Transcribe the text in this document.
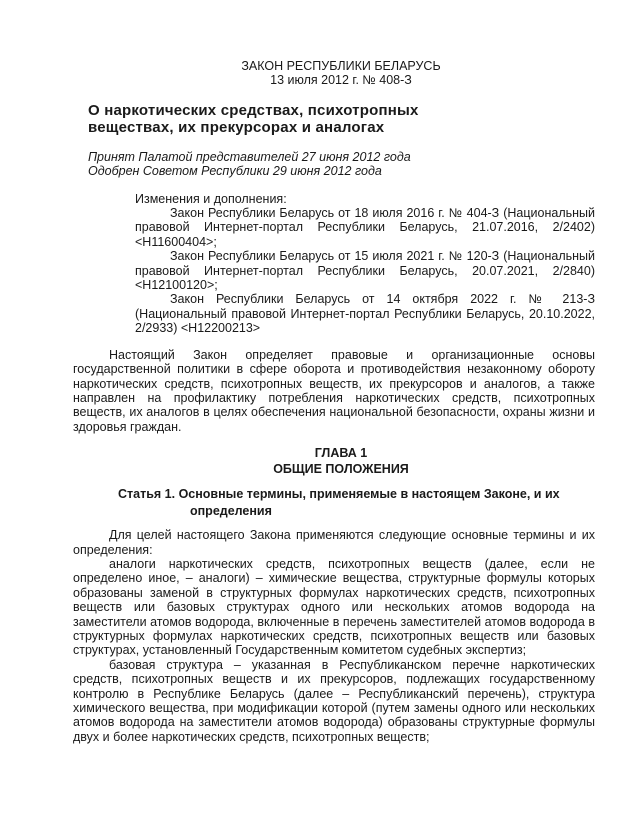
ЗАКОН РЕСПУБЛИКИ БЕЛАРУСЬ
13 июля 2012 г. № 408-З
О наркотических средствах, психотропных веществах, их прекурсорах и аналогах
Принят Палатой представителей 27 июня 2012 года
Одобрен Советом Республики 29 июня 2012 года
Изменения и дополнения:

Закон Республики Беларусь от 18 июля 2016 г. № 404-З (Национальный правовой Интернет-портал Республики Беларусь, 21.07.2016, 2/2402) <H11600404>;

Закон Республики Беларусь от 15 июля 2021 г. № 120-З (Национальный правовой Интернет-портал Республики Беларусь, 20.07.2021, 2/2840) <H12100120>;

Закон Республики Беларусь от 14 октября 2022 г. № 213-З (Национальный правовой Интернет-портал Республики Беларусь, 20.10.2022, 2/2933) <H12200213>

Настоящий Закон определяет правовые и организационные основы государственной политики в сфере оборота и противодействия незаконному обороту наркотических средств, психотропных веществ, их прекурсоров и аналогов, а также направлен на профилактику потребления наркотических средств, психотропных веществ, их аналогов в целях обеспечения национальной безопасности, охраны жизни и здоровья граждан.

ГЛАВА 1
ОБЩИЕ ПОЛОЖЕНИЯ
Статья 1. Основные термины, применяемые в настоящем Законе, и их определения

Для целей настоящего Закона применяются следующие основные термины и их определения:

аналоги наркотических средств, психотропных веществ (далее, если не определено иное, – аналоги) – химические вещества, структурные формулы которых образованы заменой в структурных формулах наркотических средств, психотропных веществ или базовых структурах одного или нескольких атомов водорода на заместители атомов водорода, включенные в перечень заместителей атомов водорода в структурных формулах наркотических средств, психотропных веществ или базовых структурах, установленный Государственным комитетом судебных экспертиз;

базовая структура – указанная в Республиканском перечне наркотических средств, психотропных веществ и их прекурсоров, подлежащих государственному контролю в Республике Беларусь (далее – Республиканский перечень), структура химического вещества, при модификации которой (путем замены одного или нескольких атомов водорода на заместители атомов водорода) образованы структурные формулы двух и более наркотических средств, психотропных веществ;
